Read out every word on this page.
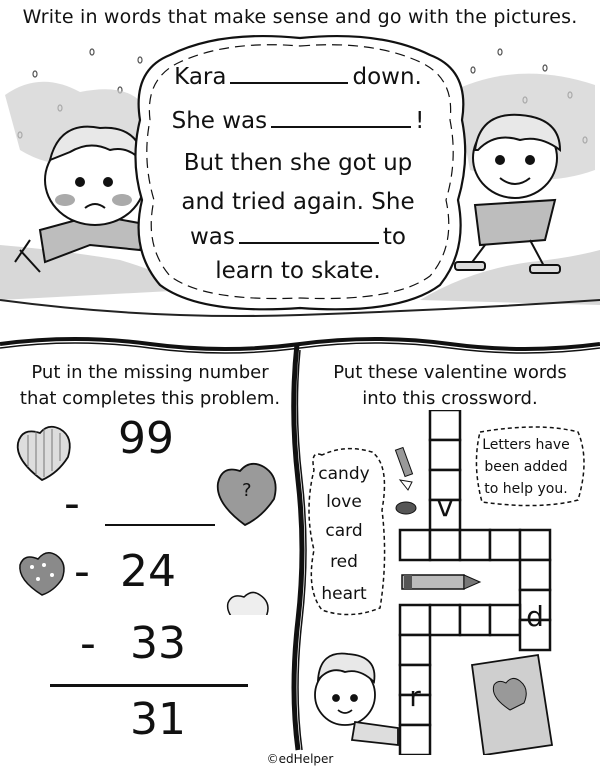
Write in words that make sense and go with the pictures.
Kara	down.
She was	!
But then she got up
and tried again. She
was	to
learn to skate.
Put in the missing number
that completes this problem.
99
?
-
- 24
- 33
31
Put these valentine words
into this crossword.
candy
love
card
red
heart
Letters have
been added
to help you.
v
d
r
©edHelper
